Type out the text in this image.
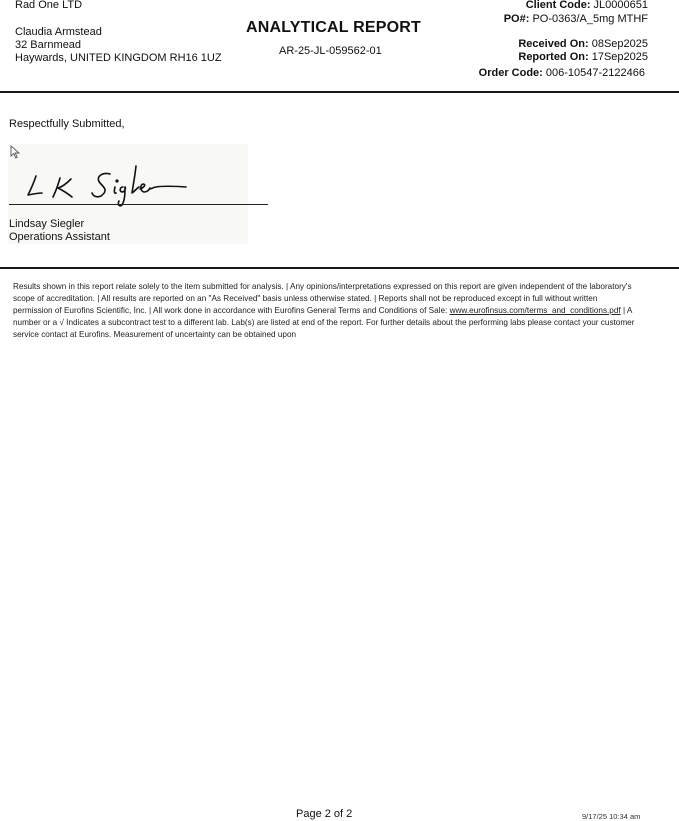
Rad One LTD
Claudia Armstead
32 Barnmead
Haywards, UNITED KINGDOM RH16 1UZ
ANALYTICAL REPORT
AR-25-JL-059562-01
Client Code: JL0000651
PO#: PO-0363/A_5mg MTHF
Received On: 08Sep2025
Reported On: 17Sep2025
Order Code: 006-10547-2122466
Respectfully Submitted,
Lindsay Siegler
Operations Assistant
Results shown in this report relate solely to the item submitted for analysis. | Any opinions/interpretations expressed on this report are given independent of the laboratory's scope of accreditation. | All results are reported on an "As Received" basis unless otherwise stated. | Reports shall not be reproduced except in full without written permission of Eurofins Scientific, Inc. | All work done in accordance with Eurofins General Terms and Conditions of Sale: www.eurofinsus.com/terms_and_conditions.pdf | A number or a √ Indicates a subcontract test to a different lab. Lab(s) are listed at end of the report. For further details about the performing labs please contact your customer service contact at Eurofins. Measurement of uncertainty can be obtained upon
Page 2 of 2	9/17/25 10:34 am
